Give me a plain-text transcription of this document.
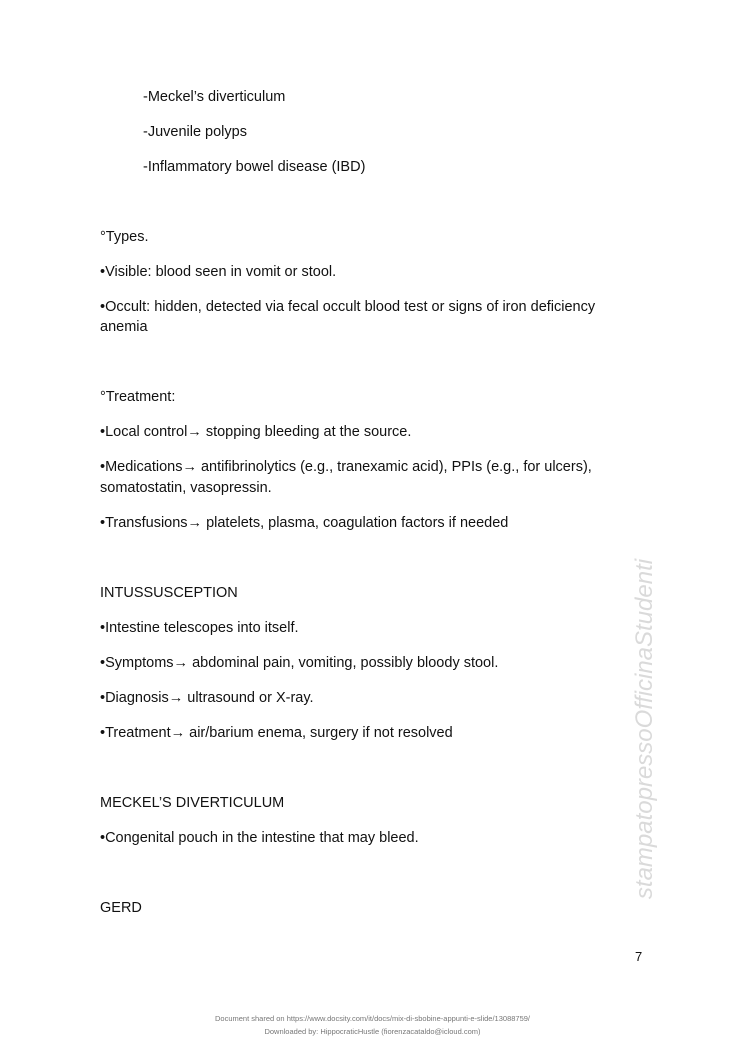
-Meckel’s diverticulum
-Juvenile polyps
-Inflammatory bowel disease (IBD)
°Types.
•Visible: blood seen in vomit or stool.
•Occult: hidden, detected via fecal occult blood test or signs of iron deficiency
anemia
°Treatment:
•Local control→ stopping bleeding at the source.
•Medications→ antifibrinolytics (e.g., tranexamic acid), PPIs (e.g., for ulcers),
somatostatin, vasopressin.
•Transfusions→ platelets, plasma, coagulation factors if needed
INTUSSUSCEPTION
•Intestine telescopes into itself.
•Symptoms→ abdominal pain, vomiting, possibly bloody stool.
•Diagnosis→ ultrasound or X-ray.
•Treatment→ air/barium enema, surgery if not resolved
MECKEL’S DIVERTICULUM
•Congenital pouch in the intestine that may bleed.
GERD
stampatopressoOfficinaStudenti
7
Document shared on https://www.docsity.com/it/docs/mix-di-sbobine-appunti-e-slide/13088759/
Downloaded by: HippocraticHustle (fiorenzacataldo@icloud.com)
